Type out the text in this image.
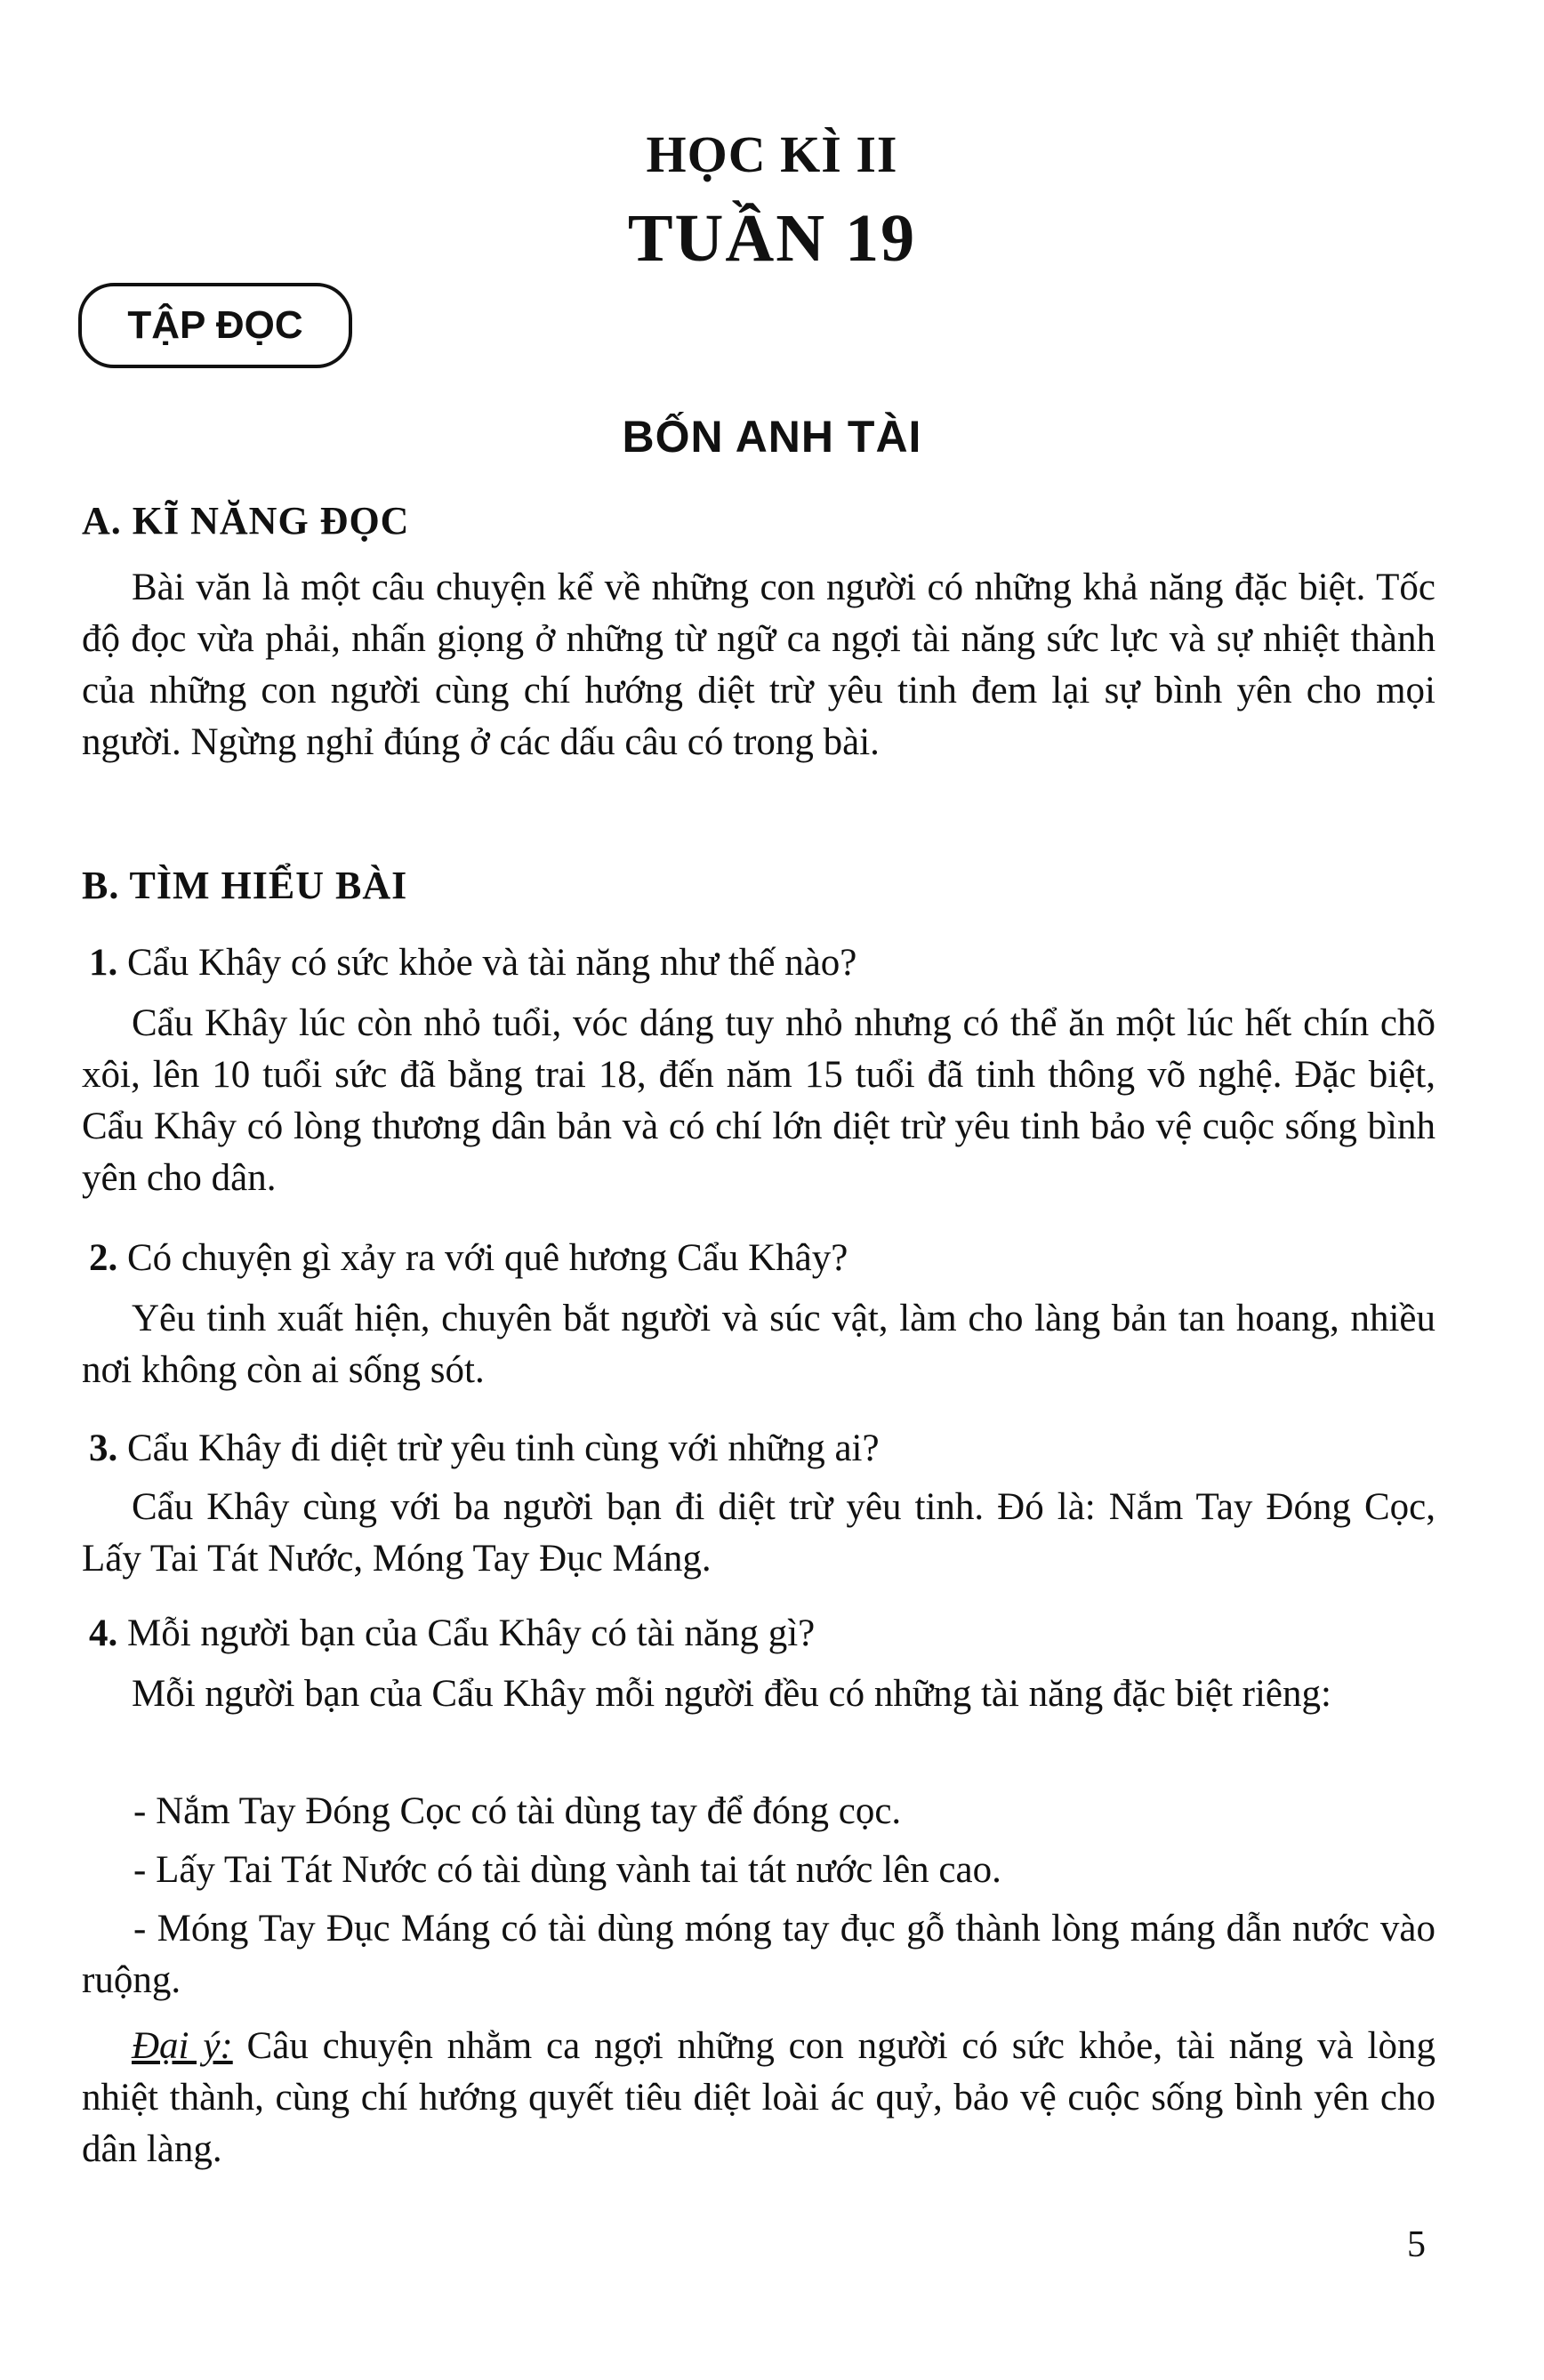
HỌC KÌ II
TUẦN 19
TẬP ĐỌC
BỐN ANH TÀI
A. KĨ NĂNG ĐỌC

Bài văn là một câu chuyện kể về những con người có những khả năng đặc biệt. Tốc độ đọc vừa phải, nhấn giọng ở những từ ngữ ca ngợi tài năng sức lực và sự nhiệt thành của những con người cùng chí hướng diệt trừ yêu tinh đem lại sự bình yên cho mọi người. Ngừng nghỉ đúng ở các dấu câu có trong bài.

B. TÌM HIỂU BÀI

1. Cẩu Khây có sức khỏe và tài năng như thế nào?

Cẩu Khây lúc còn nhỏ tuổi, vóc dáng tuy nhỏ nhưng có thể ăn một lúc hết chín chõ xôi, lên 10 tuổi sức đã bằng trai 18, đến năm 15 tuổi đã tinh thông võ nghệ. Đặc biệt, Cẩu Khây có lòng thương dân bản và có chí lớn diệt trừ yêu tinh bảo vệ cuộc sống bình yên cho dân.

2. Có chuyện gì xảy ra với quê hương Cẩu Khây?

Yêu tinh xuất hiện, chuyên bắt người và súc vật, làm cho làng bản tan hoang, nhiều nơi không còn ai sống sót.

3. Cẩu Khây đi diệt trừ yêu tinh cùng với những ai?

Cẩu Khây cùng với ba người bạn đi diệt trừ yêu tinh. Đó là: Nắm Tay Đóng Cọc, Lấy Tai Tát Nước, Móng Tay Đục Máng.

4. Mỗi người bạn của Cẩu Khây có tài năng gì?

Mỗi người bạn của Cẩu Khây mỗi người đều có những tài năng đặc biệt riêng:

- Nắm Tay Đóng Cọc có tài dùng tay để đóng cọc.

- Lấy Tai Tát Nước có tài dùng vành tai tát nước lên cao.

- Móng Tay Đục Máng có tài dùng móng tay đục gỗ thành lòng máng dẫn nước vào ruộng.

Đại ý: Câu chuyện nhằm ca ngợi những con người có sức khỏe, tài năng và lòng nhiệt thành, cùng chí hướng quyết tiêu diệt loài ác quỷ, bảo vệ cuộc sống bình yên cho dân làng.

5
